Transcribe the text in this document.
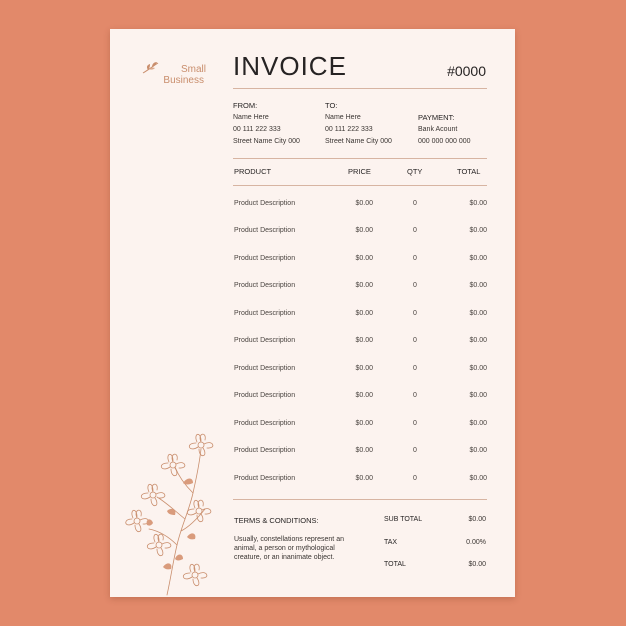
Small
Business INVOICE	#0000
FROM:
Name Here
00 111 222 333
Street Name City 000
TO:
Name Here
00 111 222 333
Street Name City 000
PAYMENT:
Bank Acount
000 000 000 000
PRODUCT	PRICE	QTY	TOTAL
Product Description	$0.00	0	$0.00
Product Description	$0.00	0	$0.00
Product Description	$0.00	0	$0.00
Product Description	$0.00	0	$0.00
Product Description	$0.00	0	$0.00
Product Description	$0.00	0	$0.00
Product Description	$0.00	0	$0.00
Product Description	$0.00	0	$0.00
Product Description	$0.00	0	$0.00
Product Description	$0.00	0	$0.00
Product Description	$0.00	0	$0.00
TERMS & CONDITIONS:
Usually, constellations represent an animal, a person or mythological creature, or an inanimate object.
SUB TOTAL	$0.00
TAX	0.00%
TOTAL	$0.00
